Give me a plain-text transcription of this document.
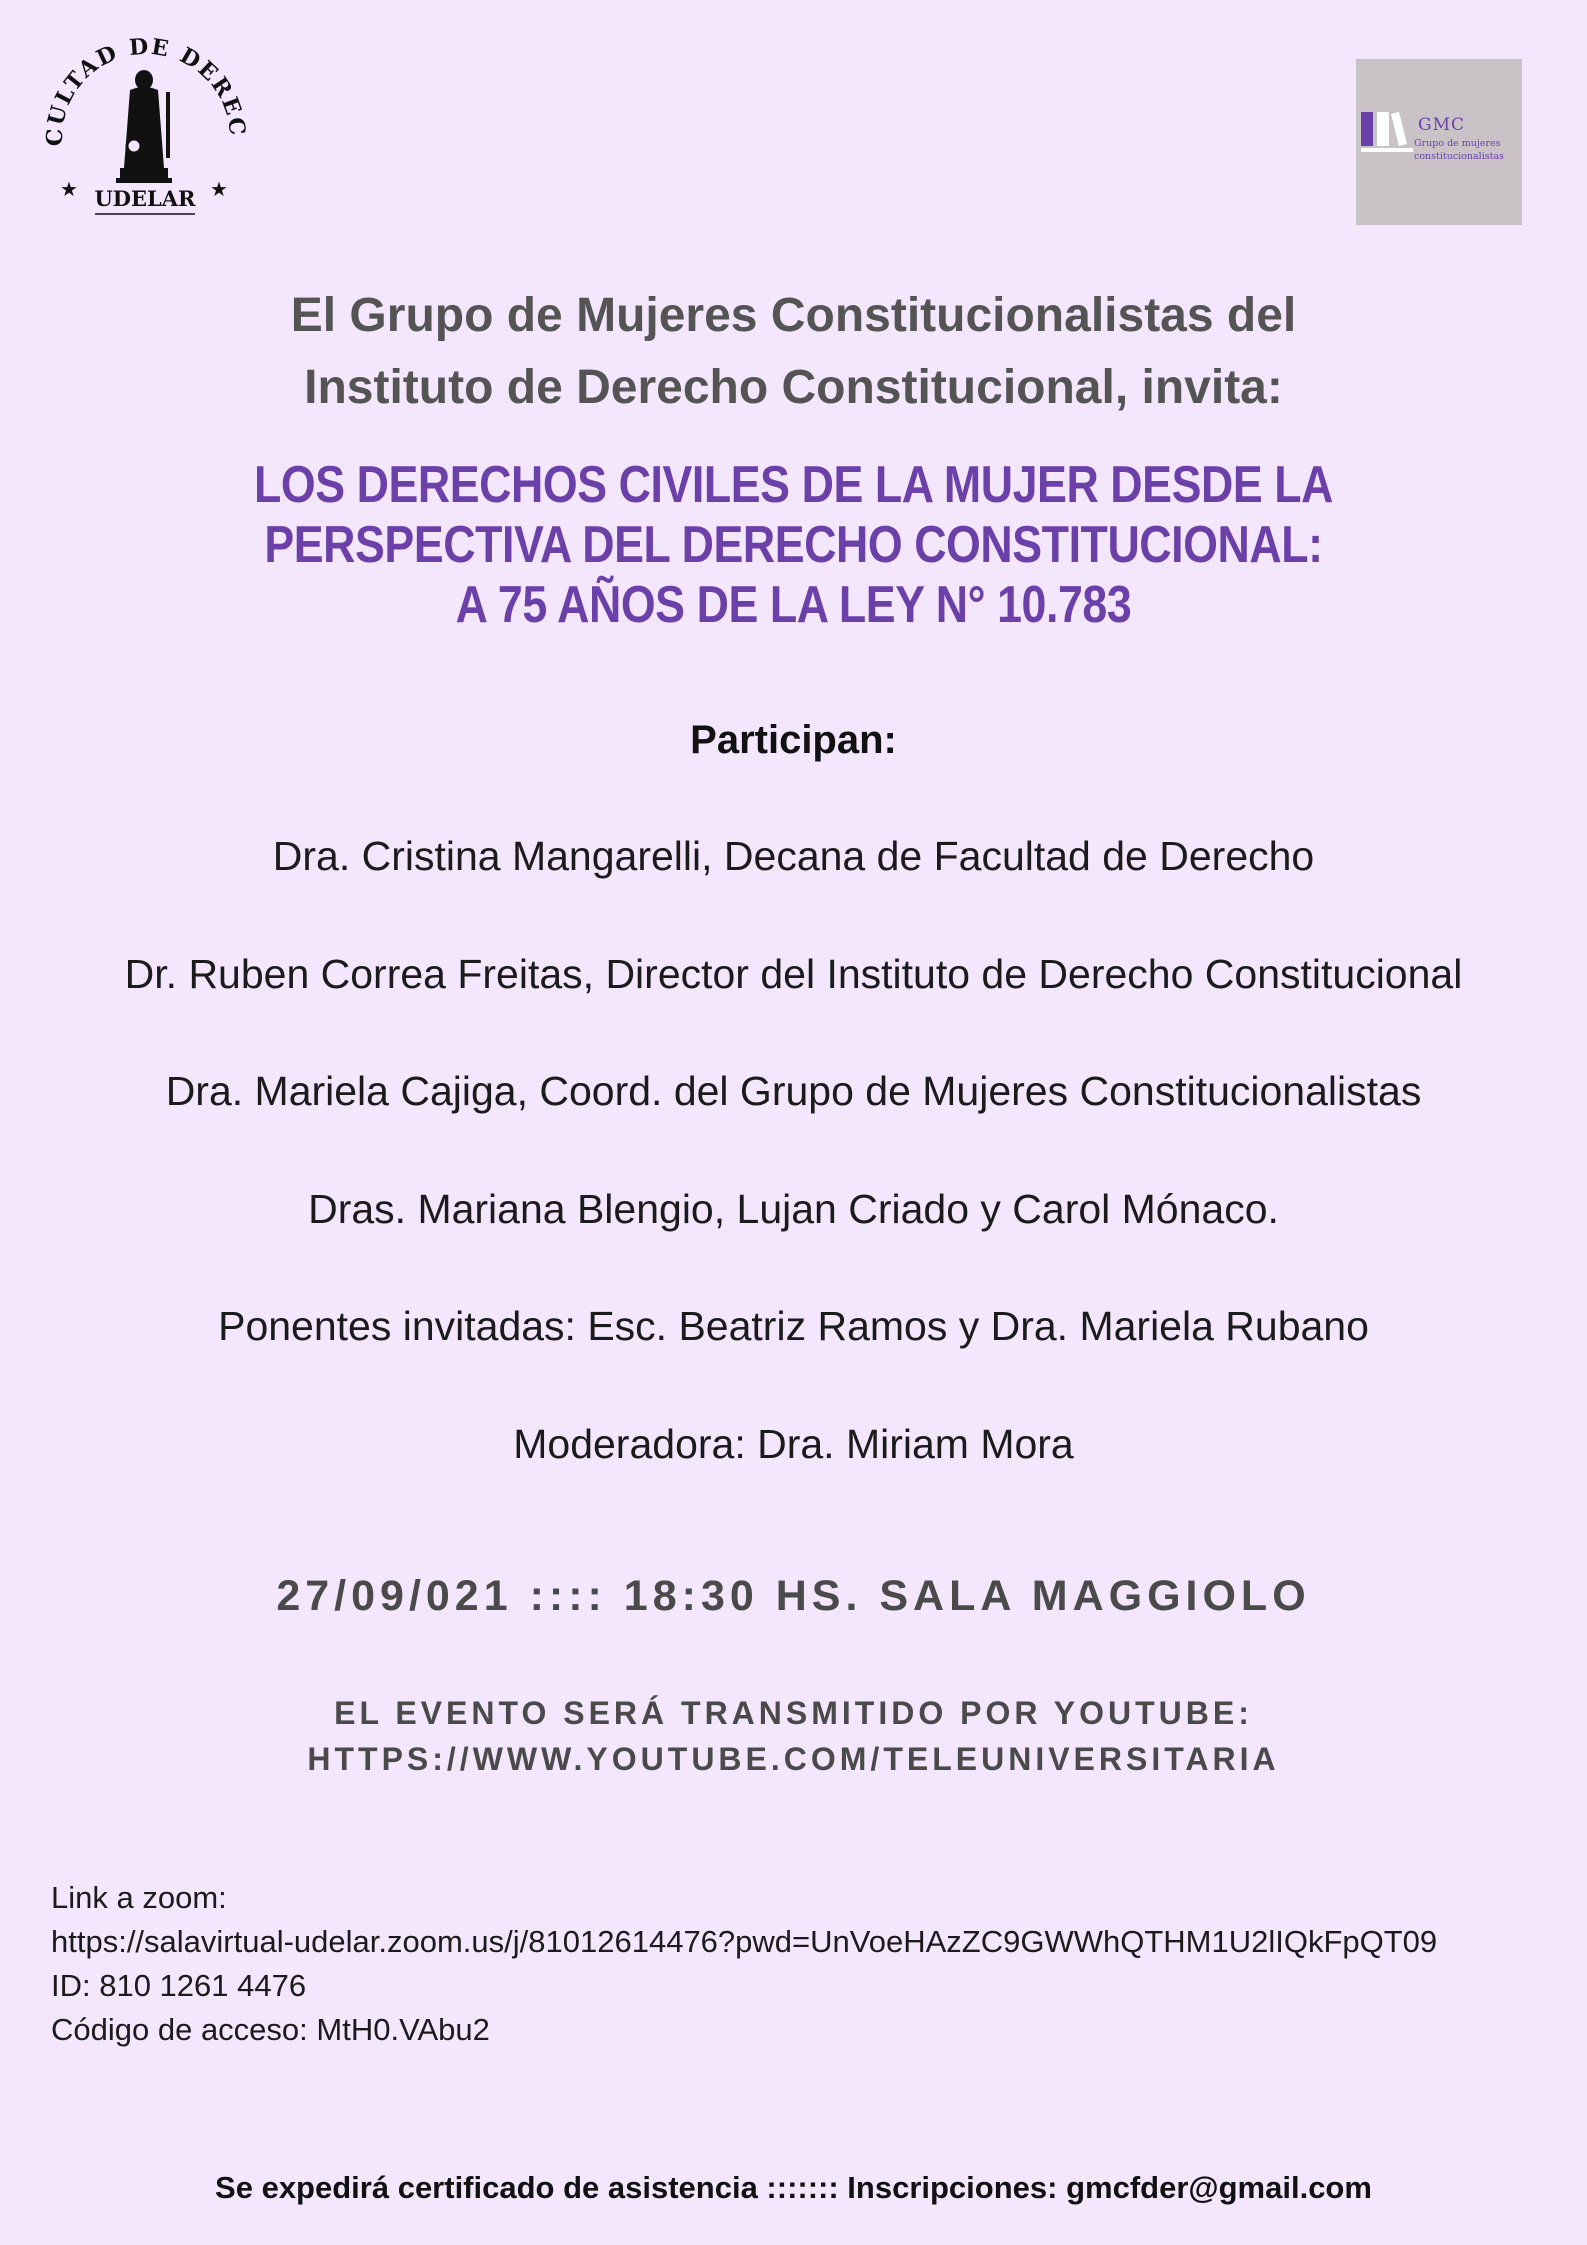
CULTAD DE DEREC
★	★
UDELAR
GMC
Grupo de mujeres
constitucionalistas
El Grupo de Mujeres Constitucionalistas del
Instituto de Derecho Constitucional, invita:
LOS DERECHOS CIVILES DE LA MUJER DESDE LA
PERSPECTIVA DEL DERECHO CONSTITUCIONAL:
A 75 AÑOS DE LA LEY N° 10.783
Participan:
Dra. Cristina Mangarelli, Decana de Facultad de Derecho
Dr. Ruben Correa Freitas, Director del Instituto de Derecho Constitucional
Dra. Mariela Cajiga, Coord. del Grupo de Mujeres Constitucionalistas
Dras. Mariana Blengio, Lujan Criado y Carol Mónaco.
Ponentes invitadas: Esc. Beatriz Ramos y Dra. Mariela Rubano
Moderadora: Dra. Miriam Mora
27/09/021 :::: 18:30 HS. SALA MAGGIOLO
EL EVENTO SERÁ TRANSMITIDO POR YOUTUBE:
HTTPS://WWW.YOUTUBE.COM/TELEUNIVERSITARIA
Link a zoom:
https://salavirtual-udelar.zoom.us/j/81012614476?pwd=UnVoeHAzZC9GWWhQTHM1U2lIQkFpQT09
ID: 810 1261 4476
Código de acceso: MtH0.VAbu2
Se expedirá certificado de asistencia ::::::: Inscripciones: gmcfder@gmail.com
